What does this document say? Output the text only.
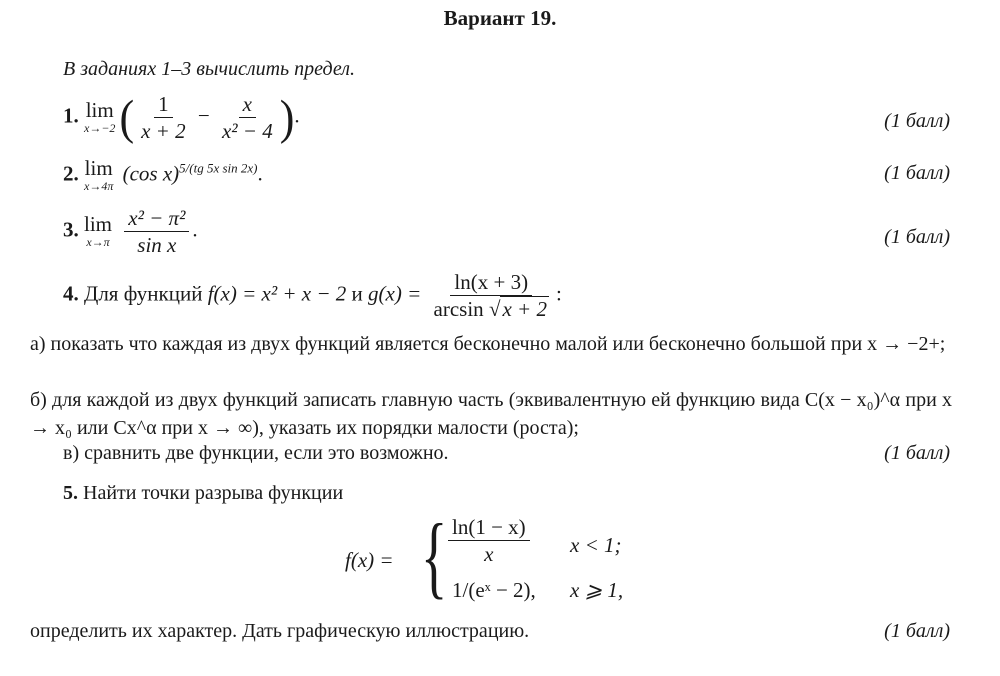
Вариант 19.
В заданиях 1–3 вычислить предел.
1. lim
x→−2 ( $\frac{1}{x + 2} - \frac{x}{\text{x² − 4}}$ ).	(1 балл)
2. lim
x→4π
(cos x)$^{5/(tg 5x sin 2x)}$.	(1 балл)
3. lim
x→π
$\frac{\text{x² − π²}}{\text{sin x}}$ .	(1 балл)
4. Для функций f(x) = x² + x − 2 и $g(x) = \frac{\ln(x + 3)}{\arcsin √x + 2}$ :
а) показать что каждая из двух функций является бесконечно малой или бесконечно большой при x → −2+;
б) для каждой из двух функций записать главную часть (эквивалентную ей функцию вида C(x − x₀)^α при x → x₀ или Cx^α при x → ∞), указать их порядки малости (роста);
в) сравнить две функции, если это возможно.	(1 балл)
5. Найти точки разрыва функции
f(x) = { $\frac{\ln(1 - x)}{x}$ x < 1;
1/(eˣ − 2), x ⩾ 1,
определить их характер. Дать графическую иллюстрацию.	(1 балл)
